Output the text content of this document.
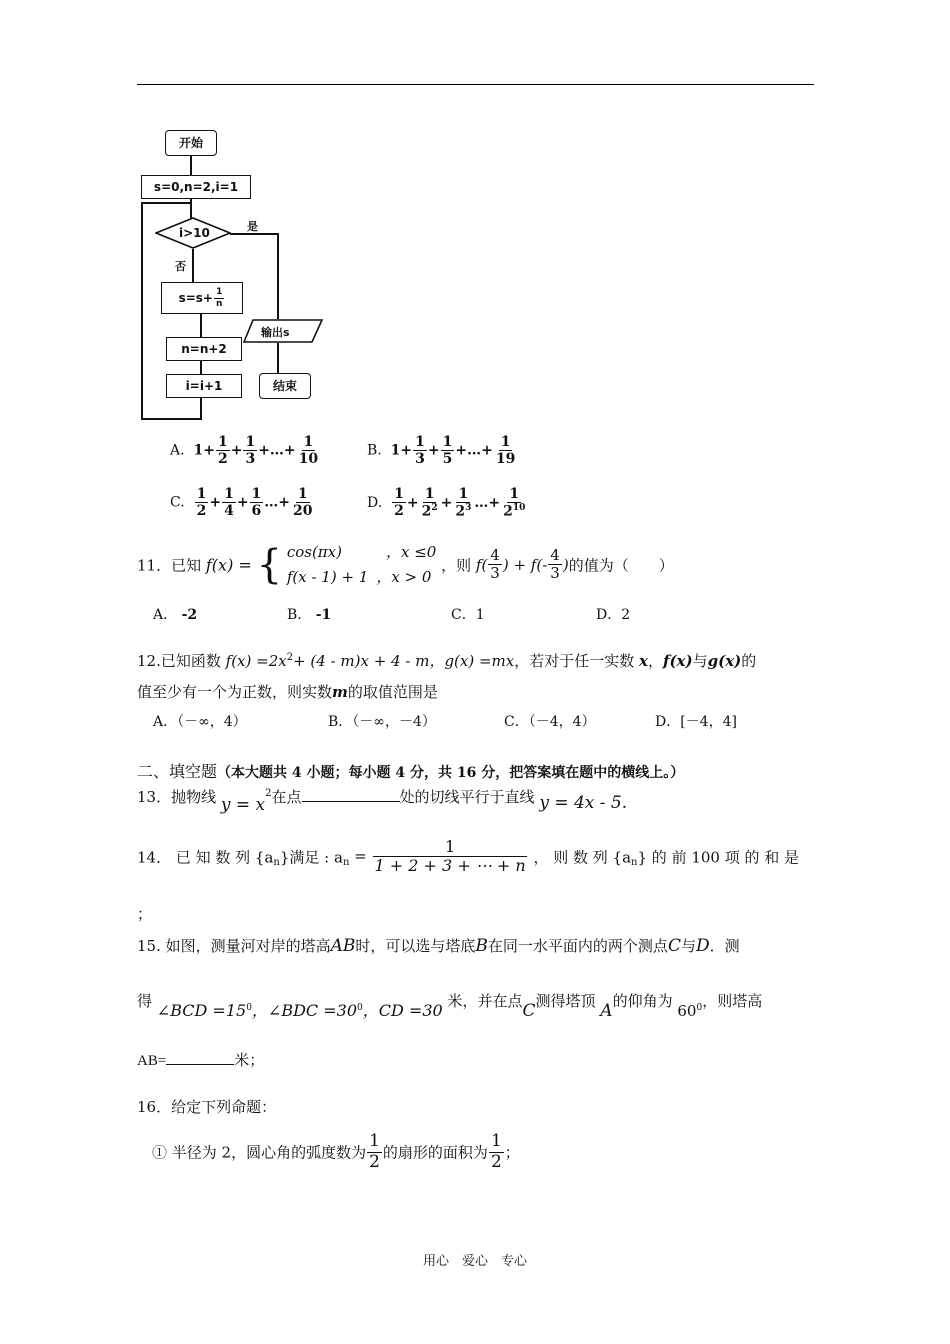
开始
s=0,n=2,i=1
i>10	是
否
$s=s+ \frac{1}{n}$
n=n+2
i=i+1
输出s
结束
A. $1+ \frac{1}{2} + \frac{1}{3}$ +…+ $\frac{1}{10}$	B. $1+ \frac{1}{3} + \frac{1}{5}$ +…+ $\frac{1}{19}$
C. $\frac{1}{2} + \frac{1}{4} + \frac{1}{6}$ …+ $\frac{1}{20}$	D. $\frac{1}{2} + \frac{1}{2^2} + \frac{1}{2^3}$ …+ $\frac{1}{2^{10}}$
11．已知 f(x) = { cos(πx)	，x ≤0
f(x - 1) + 1 ，x > 0 ，则 $f( \frac{4}{3}$ ) + $f(- \frac{4}{3}$ )的值为（　　）
A． -2	B． -1	C．1	D．2
12.已知函数 $f(x) =2x^2+ (4 - m)x + 4 - m$，g(x) =mx，若对于任一实数 x，f(x)与g(x)的
值至少有一个为正数，则实数m的取值范围是
A．（－∞，4）	B．（－∞，－4）	C．（－4，4）	D．[－4，4]
二、填空题（本大题共 4 小题；每小题 4 分，共 16 分，把答案填在题中的横线上。）
13．抛物线 $y = x^2$在点	处的切线平行于直线 y = 4x - 5.
14． 已 知 数 列 $\{a_n\}$满足 : $a_n = \frac{1}{1 + 2 + 3 + \cdots + n}$ ， 则 数 列 $\{a_n\}$ 的 前 100 项 的 和 是
；
15. 如图，测量河对岸的塔高AB时，可以选与塔底B在同一水平面内的两个测点C与D．测
得 ∠BCD $=15^0$，∠BDC $=30^0$，CD =30 米，并在点C测得塔顶 A的仰角为 $60^0$，则塔高
AB=	米；
16．给定下列命题：
① 半径为 2，圆心角的弧度数为 $\frac{1}{2}$ 的扇形的面积为 $\frac{1}{2}$ ；
用心　爱心　专心
